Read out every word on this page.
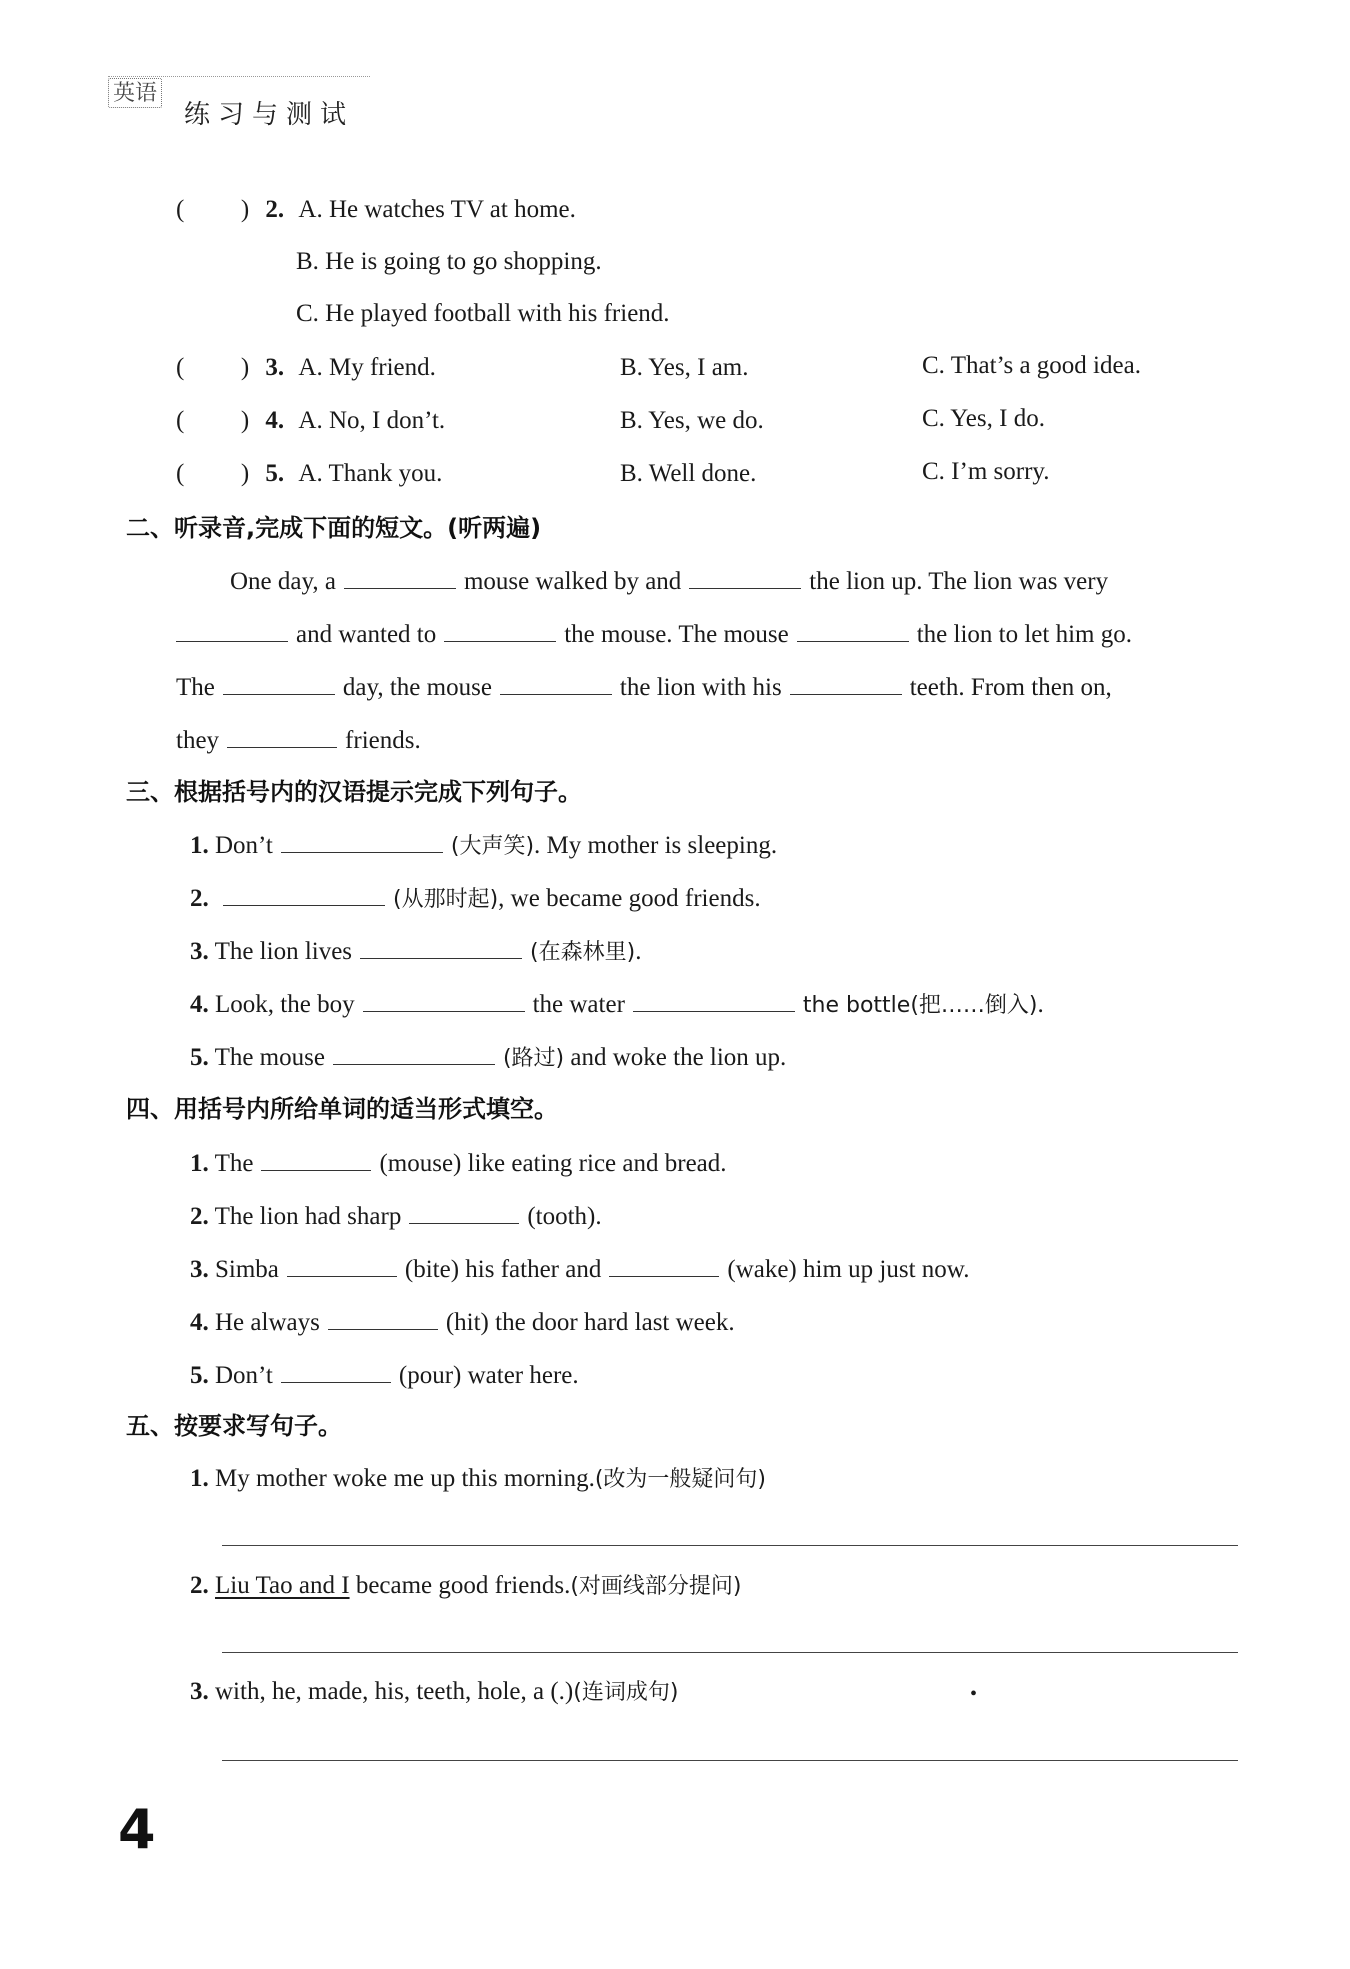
英语
练习与测试
( ) 2. A. He watches TV at home.
B. He is going to go shopping.
C. He played football with his friend.
( ) 3. A. My friend.	B. Yes, I am.	C. That’s a good idea.
( ) 4. A. No, I don’t.	B. Yes, we do.	C. Yes, I do.
( ) 5. A. Thank you.	B. Well done.	C. I’m sorry.
二、听录音,完成下面的短文。(听两遍)
One day, a	mouse walked by and	the lion up. The lion was very
and wanted to	the mouse. The mouse	the lion to let him go.
The	day, the mouse	the lion with his	teeth. From then on,
they	friends.
三、根据括号内的汉语提示完成下列句子。
1. Don’t	(大声笑). My mother is sleeping.
2.	(从那时起), we became good friends.
3. The lion lives	(在森林里).
4. Look, the boy	the water	the bottle(把……倒入).
5. The mouse	(路过) and woke the lion up.
四、用括号内所给单词的适当形式填空。
1. The	(mouse) like eating rice and bread.
2. The lion had sharp	(tooth).
3. Simba	(bite) his father and	(wake) him up just now.
4. He always	(hit) the door hard last week.
5. Don’t	(pour) water here.
五、按要求写句子。
1. My mother woke me up this morning.(改为一般疑问句)
2. Liu Tao and I became good friends.(对画线部分提问)
3. with, he, made, his, teeth, hole, a (.)(连词成句)	•
4
